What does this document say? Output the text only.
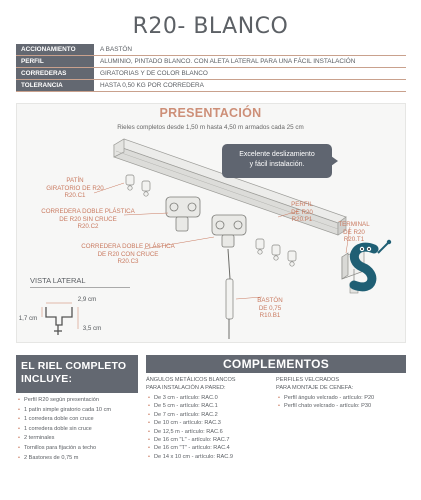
R20- BLANCO
ACCIONAMIENTO	A BASTÓN
PERFIL	ALUMINIO, PINTADO BLANCO. CON ALETA LATERAL PARA UNA FÁCIL INSTALACIÓN
CORREDERAS	GIRATORIAS Y DE COLOR BLANCO
TOLERANCIA	HASTA 0,50 KG POR CORREDERA
PRESENTACIÓN
Rieles completos desde 1,50 m hasta 4,50 m armados cada 25 cm
Excelente deslizamiento
y fácil instalación.
PATÍN
GIRATORIO DE R20
R20.C1
CORREDERA DOBLE PLÁSTICA
DE R20 SIN CRUCE
R20.C2
CORREDERA DOBLE PLÁSTICA
DE R20 CON CRUCE
R20.C3
PERFIL
DE R20
R20.P1
TERMINAL
DE R20
R20.T1
BASTÓN
DE 0,75
R10.B1
VISTA LATERAL
2,9 cm
1,7 cm
3,5 cm
EL RIEL COMPLETO
INCLUYE:
• Perfil R20 según presentación
• 1 patín simple giratorio cada 10 cm
• 1 corredera doble con cruce
• 1 corredera doble sin cruce
• 2 terminales
• Tornillos para fijación a techo
• 2 Bastones de 0,75 m
COMPLEMENTOS
ÁNGULOS METÁLICOS BLANCOS
PARA INSTALACIÓN A PARED:
• De 3 cm - artículo: RAC.0
• De 5 cm - artículo: RAC.1
• De 7 cm - artículo: RAC.2
• De 10 cm - artículo: RAC.3
• De 12,5 m - artículo: RAC.6
• De 16 cm "L" - artículo: RAC.7
• De 16 cm "T" - artículo: RAC.4
• De 14 x 10 cm - artículo: RAC.9
PERFILES VELCRADOS
PARA MONTAJE DE CENEFA:
• Perfil ángulo velcrado - artículo: P20
• Perfil chato velcrado - artículo: P30
